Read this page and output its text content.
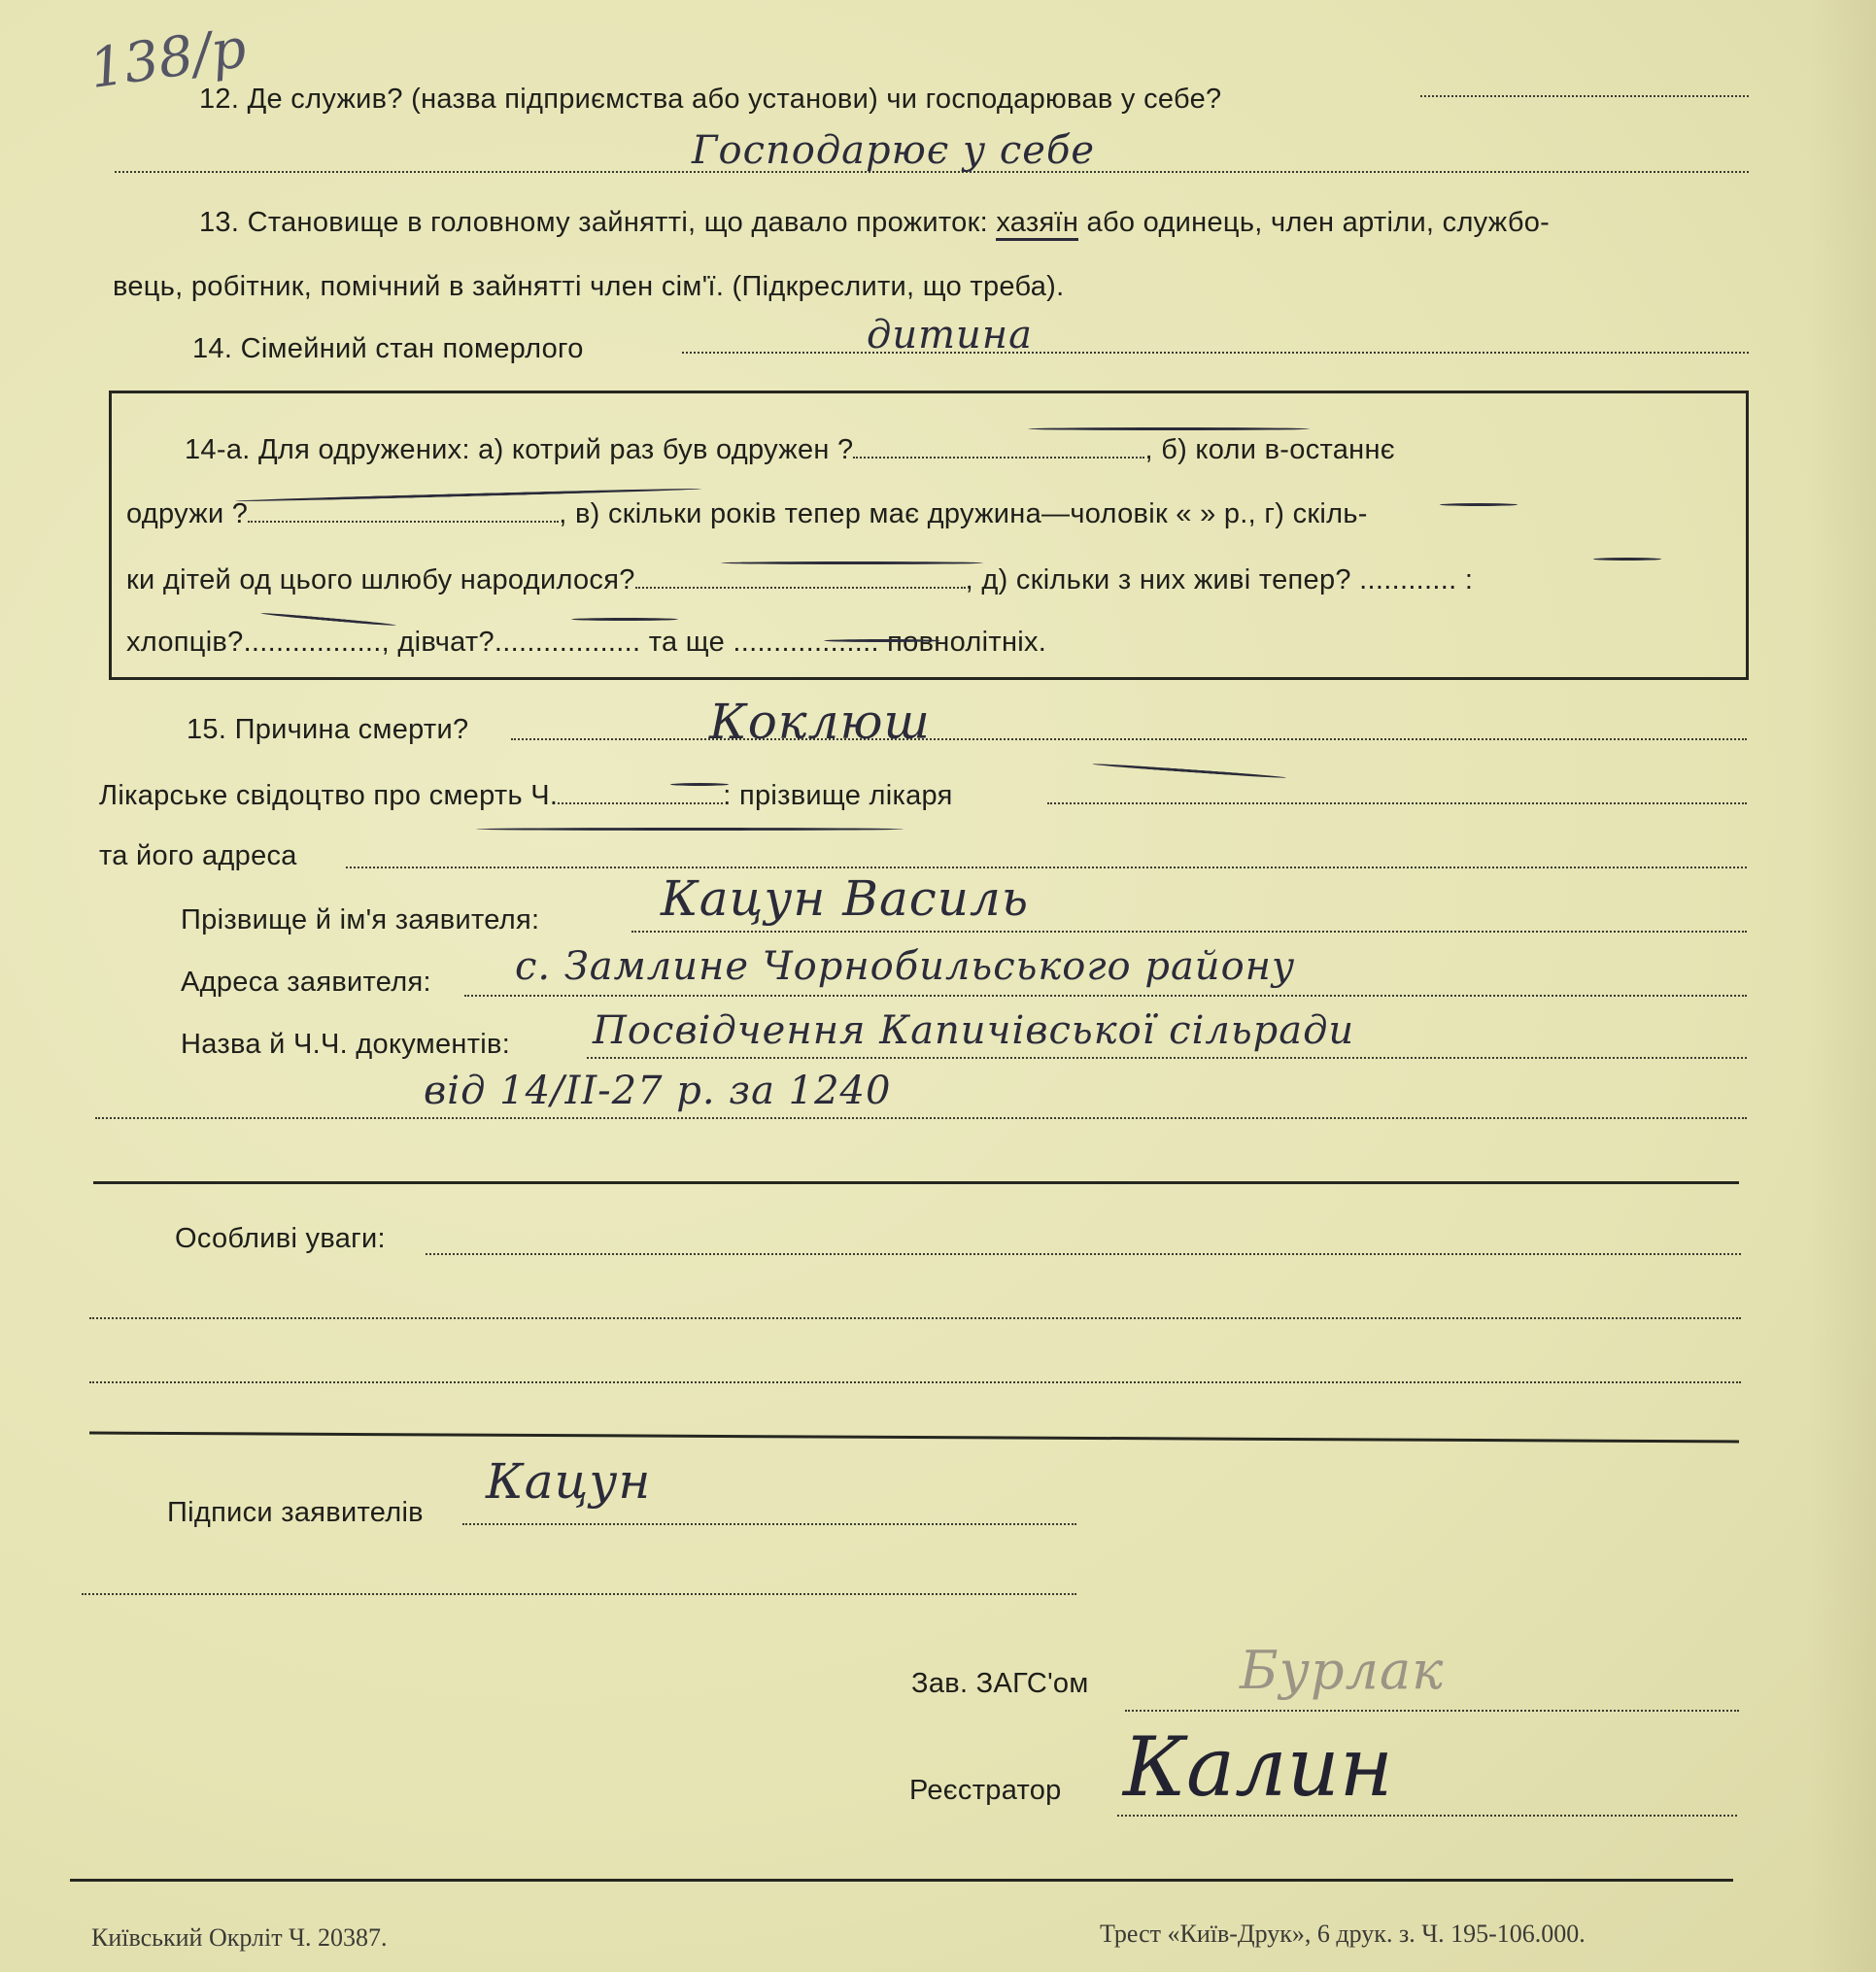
138/p
12. Де служив? (назва підприємства або установи) чи господарював у себе?
Господарює у себе
13. Становище в головному зайнятті, що давало прожиток: хазяїн або одинець, член артіли, службо-
вець, робітник, помічний в зайнятті член сім'ї. (Підкреслити, що треба).
14. Сімейний стан померлого	дитина
14-а. Для одружених: а) котрий раз був одружен ?	, б) коли в-останнє
одружи ?	, в) скільки років тепер має дружина—чоловік « » р., г) скіль-
ки дітей од цього шлюбу народилося?	, д) скільки з них живі тепер? ............ :
хлопців?................., дівчат?.................. та ще .................. повнолітніх.
15. Причина смерти?	Коклюш
Лікарське свідоцтво про смерть Ч.	: прізвище лікаря
та його адреса
Прізвище й ім'я заявителя: Кацун Василь
Адреса заявителя: с. Замлине Чорнобильського району
Назва й Ч.Ч. документів: Посвідчення Капичівської сільради
від 14/II-27 р. за 1240
Особливі уваги:
Підписи заявителів
Кацун
Зав. ЗАГС'ом	Бурлак
Реєстратор Калин
Київський Окрліт Ч. 20387.	Трест «Київ-Друк», 6 друк. з. Ч. 195-106.000.
